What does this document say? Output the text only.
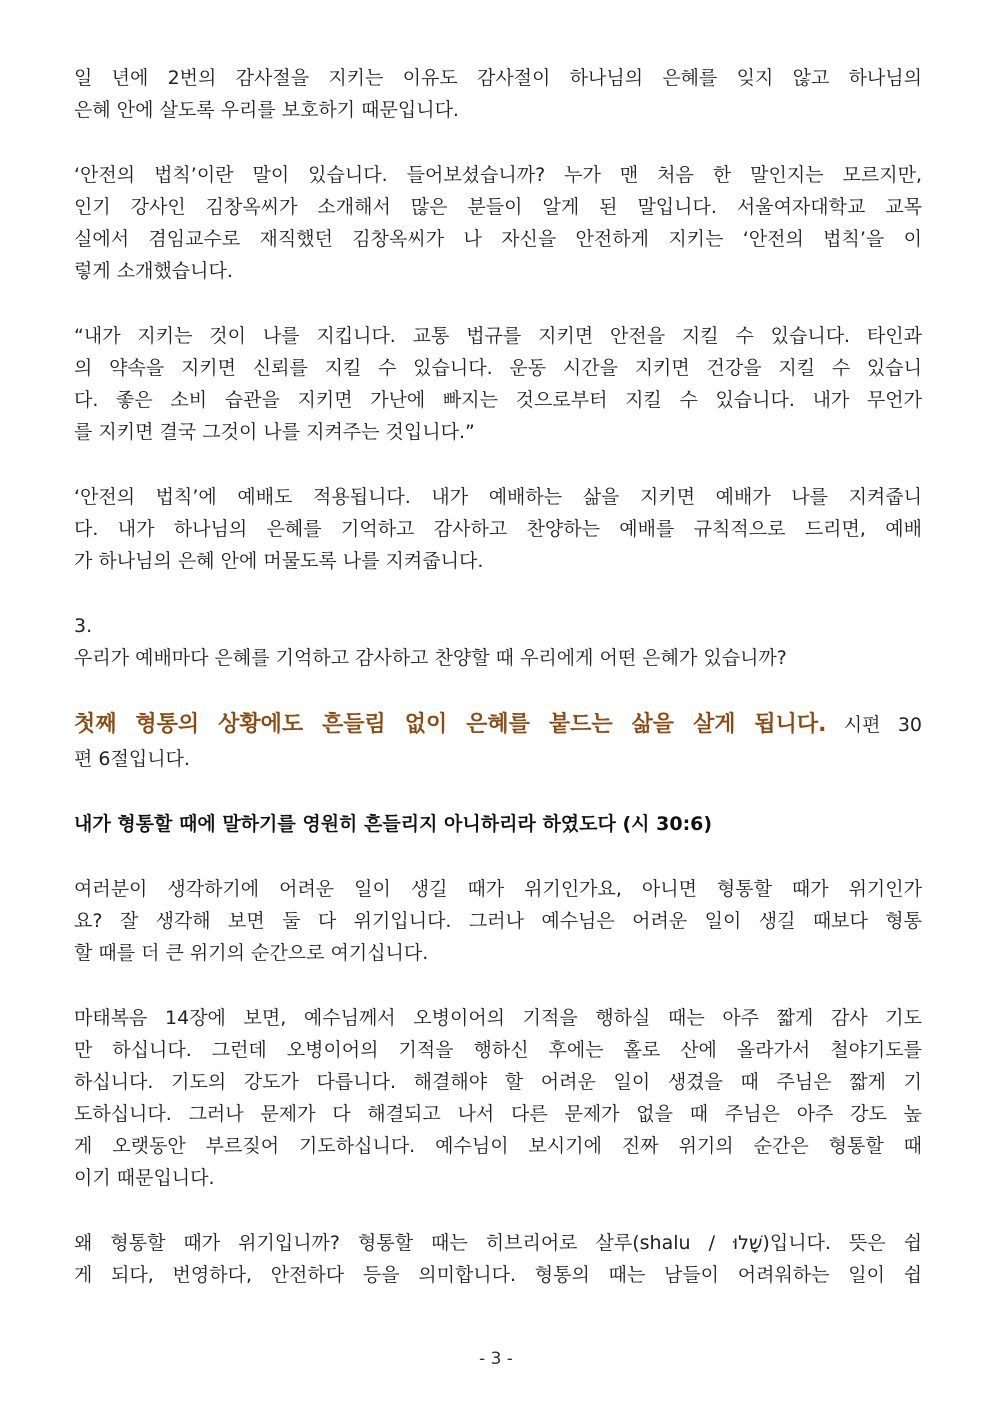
일 년에 2번의 감사절을 지키는 이유도 감사절이 하나님의 은혜를 잊지 않고 하나님의
은혜 안에 살도록 우리를 보호하기 때문입니다.
‘안전의 법칙’이란 말이 있습니다. 들어보셨습니까? 누가 맨 처음 한 말인지는 모르지만,
인기 강사인 김창옥씨가 소개해서 많은 분들이 알게 된 말입니다. 서울여자대학교 교목
실에서 겸임교수로 재직했던 김창옥씨가 나 자신을 안전하게 지키는 ‘안전의 법칙’을 이
렇게 소개했습니다.
“내가 지키는 것이 나를 지킵니다. 교통 법규를 지키면 안전을 지킬 수 있습니다. 타인과
의 약속을 지키면 신뢰를 지킬 수 있습니다. 운동 시간을 지키면 건강을 지킬 수 있습니
다. 좋은 소비 습관을 지키면 가난에 빠지는 것으로부터 지킬 수 있습니다. 내가 무언가
를 지키면 결국 그것이 나를 지켜주는 것입니다.”
‘안전의 법칙’에 예배도 적용됩니다. 내가 예배하는 삶을 지키면 예배가 나를 지켜줍니
다. 내가 하나님의 은혜를 기억하고 감사하고 찬양하는 예배를 규칙적으로 드리면, 예배
가 하나님의 은혜 안에 머물도록 나를 지켜줍니다.
3.
우리가 예배마다 은혜를 기억하고 감사하고 찬양할 때 우리에게 어떤 은혜가 있습니까?
첫째 형통의 상황에도 흔들림 없이 은혜를 붙드는 삶을 살게 됩니다. 시편 30
편 6절입니다.
내가 형통할 때에 말하기를 영원히 흔들리지 아니하리라 하였도다 (시 30:6)
여러분이 생각하기에 어려운 일이 생길 때가 위기인가요, 아니면 형통할 때가 위기인가
요? 잘 생각해 보면 둘 다 위기입니다. 그러나 예수님은 어려운 일이 생길 때보다 형통
할 때를 더 큰 위기의 순간으로 여기십니다.
마태복음 14장에 보면, 예수님께서 오병이어의 기적을 행하실 때는 아주 짧게 감사 기도
만 하십니다. 그런데 오병이어의 기적을 행하신 후에는 홀로 산에 올라가서 철야기도를
하십니다. 기도의 강도가 다릅니다. 해결해야 할 어려운 일이 생겼을 때 주님은 짧게 기
도하십니다. 그러나 문제가 다 해결되고 나서 다른 문제가 없을 때 주님은 아주 강도 높
게 오랫동안 부르짖어 기도하십니다. 예수님이 보시기에 진짜 위기의 순간은 형통할 때
이기 때문입니다.
왜 형통할 때가 위기입니까? 형통할 때는 히브리어로 살루(shalu / שָׁלוּ)입니다. 뜻은 쉽
게 되다, 번영하다, 안전하다 등을 의미합니다. 형통의 때는 남들이 어려워하는 일이 쉽
- 3 -
